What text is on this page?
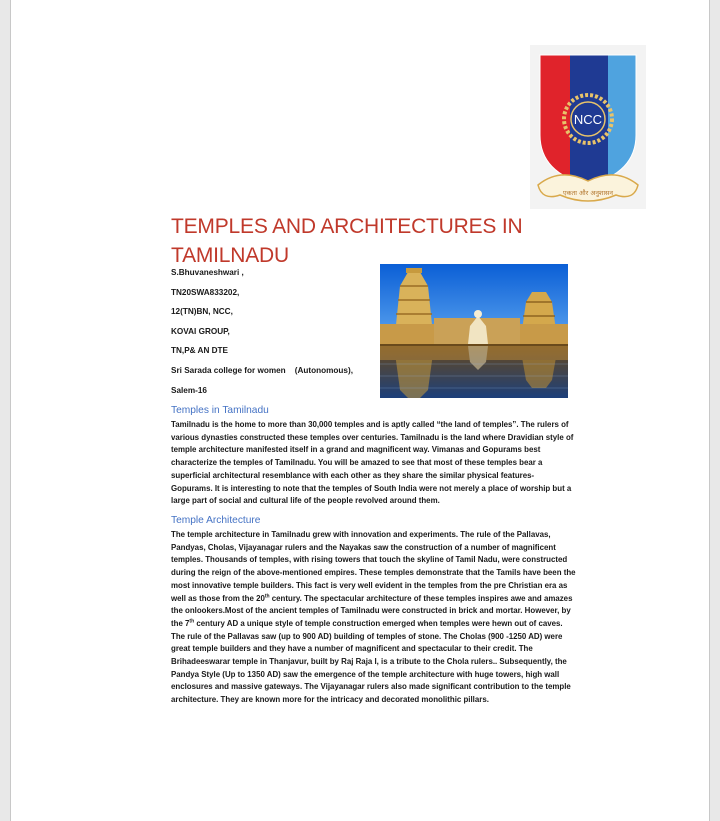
NCC
एकता और अनुशासन
TEMPLES AND ARCHITECTURES IN TAMILNADU
S.Bhuvaneshwari ,
TN20SWA833202,
12(TN)BN, NCC,
KOVAI GROUP,
TN,P& AN DTE
Sri Sarada college for women    (Autonomous),
Salem-16
Temples in Tamilnadu
Tamilnadu is the home to more than 30,000 temples and is aptly called “the land of temples”. The rulers of various dynasties constructed these temples over centuries. Tamilnadu is the land where Dravidian style of temple architecture manifested itself in a grand and magnificent way. Vimanas and Gopurams best characterize the temples of Tamilnadu. You will be amazed to see that most of these temples bear a superficial architectural resemblance with each other as they share the similar physical features- Gopurams. It is interesting to note that the temples of South India were not merely a place of worship but a large part of social and cultural life of the people revolved around them.
Temple Architecture
The temple architecture in Tamilnadu grew with innovation and experiments. The rule of the Pallavas, Pandyas, Cholas, Vijayanagar rulers and the Nayakas saw the construction of a number of magnificent temples. Thousands of temples, with rising towers that touch the skyline of Tamil Nadu, were constructed during the reign of the above-mentioned empires. These temples demonstrate that the Tamils have been the most innovative temple builders. This fact is very well evident in the temples from the pre Christian era as well as those from the 20th century. The spectacular architecture of these temples inspires awe and amazes the onlookers.Most of the ancient temples of Tamilnadu were constructed in brick and mortar. However, by the 7th century AD a unique style of temple construction emerged when temples were hewn out of caves. The rule of the Pallavas saw (up to 900 AD) building of temples of stone. The Cholas (900 -1250 AD) were great temple builders and they have a number of magnificent and spectacular to their credit. The Brihadeeswarar temple in Thanjavur, built by Raj Raja I, is a tribute to the Chola rulers.. Subsequently, the Pandya Style (Up to 1350 AD) saw the emergence of the temple architecture with huge towers, high wall enclosures and massive gateways. The Vijayanagar rulers also made significant contribution to the temple architecture. They are known more for the intricacy and decorated monolithic pillars.
